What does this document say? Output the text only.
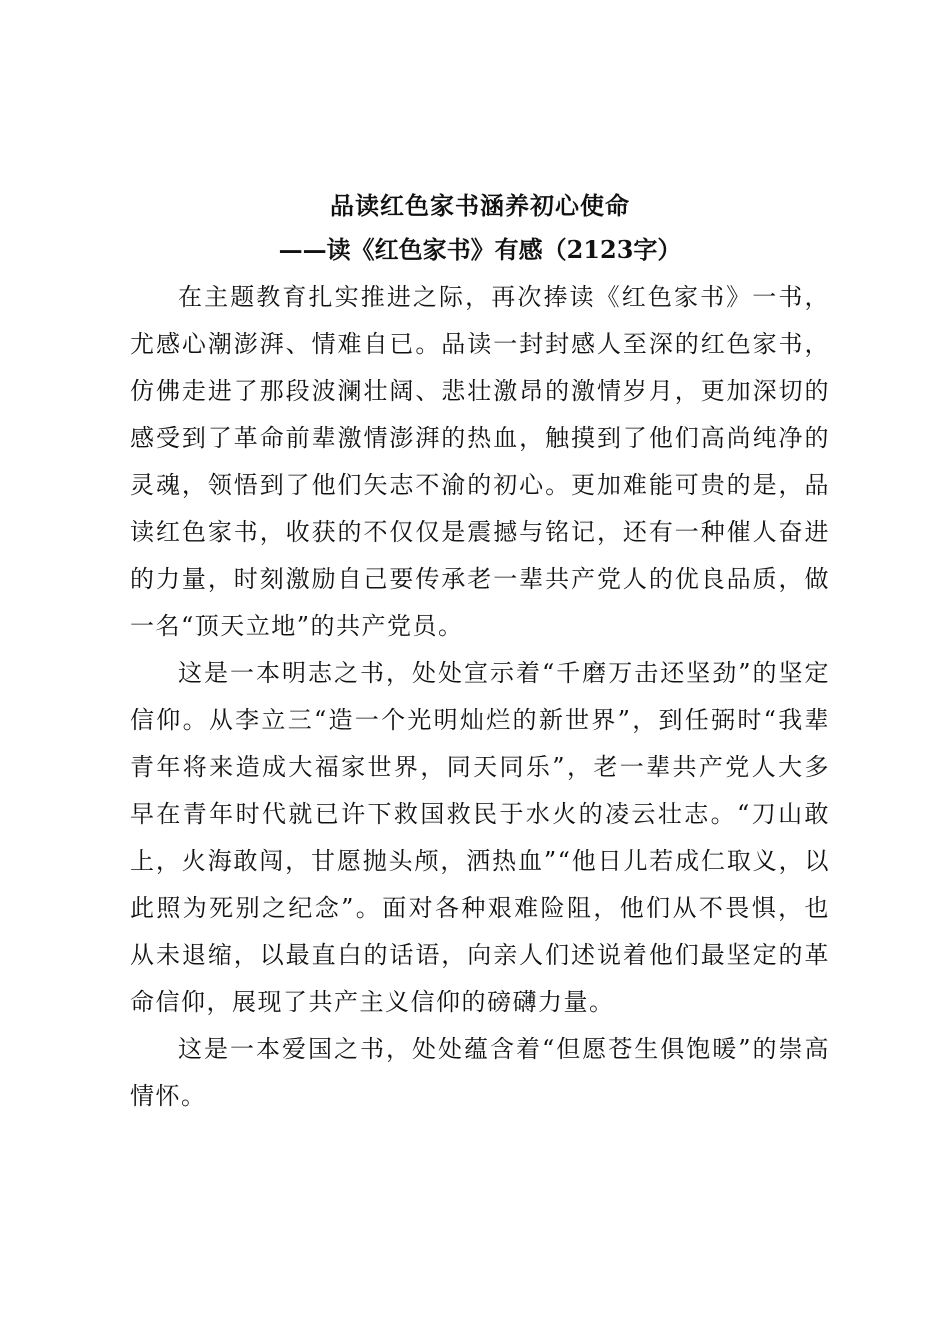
品读红色家书涵养初心使命
——读《红色家书》有感（2123字）

在主题教育扎实推进之际，再次捧读《红色家书》一书，尤感心潮澎湃、情难自已。品读一封封感人至深的红色家书，仿佛走进了那段波澜壮阔、悲壮激昂的激情岁月，更加深切的感受到了革命前辈激情澎湃的热血，触摸到了他们高尚纯净的灵魂，领悟到了他们矢志不渝的初心。更加难能可贵的是，品读红色家书，收获的不仅仅是震撼与铭记，还有一种催人奋进的力量，时刻激励自己要传承老一辈共产党人的优良品质，做一名“顶天立地”的共产党员。

这是一本明志之书，处处宣示着“千磨万击还坚劲”的坚定信仰。从李立三“造一个光明灿烂的新世界”，到任弼时“我辈青年将来造成大福家世界，同天同乐”，老一辈共产党人大多早在青年时代就已许下救国救民于水火的凌云壮志。“刀山敢上，火海敢闯，甘愿抛头颅，洒热血”“他日儿若成仁取义，以此照为死别之纪念”。面对各种艰难险阻，他们从不畏惧，也从未退缩，以最直白的话语，向亲人们述说着他们最坚定的革命信仰，展现了共产主义信仰的磅礴力量。

这是一本爱国之书，处处蕴含着“但愿苍生俱饱暖”的崇高情怀。
